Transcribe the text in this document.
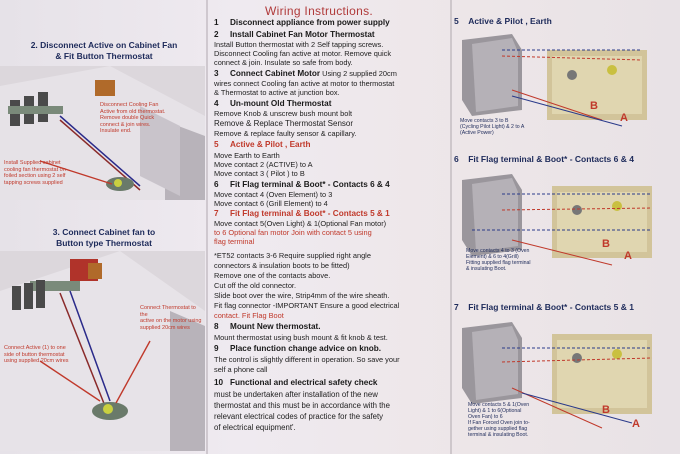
2. Disconnect Active on Cabinet Fan
& Fit Button Thermostat
Disconnect Cooling Fan
Active from old thermostat.
Remove double Quick
connect & join wires.
Insulate end.
Install Supplied cabinet
cooling fan thermostat on
foiled section using 2 self
tapping screws supplied
3. Connect Cabinet fan to
Button type Thermostat
Connect Thermostat to the
active on the motor using
supplied 20cm wires
Connect Active (1) to one
side of button thermostat
using supplied 20cm wires
Wiring Instructions.
1 Disconnect appliance from power supply
2 Install Cabinet Fan Motor Thermostat
Install Button thermostat with 2 Self tapping screws.
Disconnect Cooling fan active at motor. Remove quick
connect & join. Insulate so safe from body.
3 Connect Cabinet Motor Using 2 supplied 20cm
wires connect Cooling fan active at motor to thermostat
& Thermostat to active at junction box.
4 Un-mount Old Thermostat
Remove Knob & unscrew bush mount bolt
Remove & Replace Thermostat Sensor
Remove & replace faulty sensor & capillary.
5 Active & Pilot , Earth
Move Earth to Earth
Move contact 2 (ACTIVE) to A
Move contact 3 ( Pilot ) to B
6 Fit Flag terminal & Boot* - Contacts 6 & 4
Move contact 4 (Oven Element) to 3
Move contact 6 (Grill Element) to 4
7 Fit Flag terminal & Boot* - Contacts 5 & 1
Move contact 5(Oven Light) & 1(Optional Fan motor)
to 6 Optional fan motor Join with contact 5 using
flag terminal
*ET52 contacts 3-6 Require supplied right angle
connectors & insulation boots to be fitted)
Remove one of the contacts above.
Cut off the old connector.
Slide boot over the wire, Strip4mm of the wire sheath.
Fit flag connector -IMPORTANT Ensure a good electrical
contact. Fit Flag Boot
8 Mount New thermostat.
Mount thermostat using bush mount & fit knob & test.
9 Place function change advice on knob.
The control is slightly different in operation. So save your
self a phone call
10 Functional and electrical safety check
must be undertaken after installation of the new
thermostat and this must be in accordance with the
relevant electrical codes of practice for the safety
of electrical equipment'.
5 Active & Pilot , Earth
Move contacts 3 to B
(Cycling Pilot Light) & 2 to A
(Active Power)
B
A
6 Fit Flag terminal & Boot* - Contacts 6 & 4
Move contacts 4 to 3 (Oven
Element) & 6 to 4(Grill)
Fitting supplied flag terminal
& insulating Boot.
B
A
7 Fit Flag terminal & Boot* - Contacts 5 & 1
Move contacts 5 & 1(Oven
Light) & 1 to 6(Optional
Oven Fan) to 6
If Fan Forced Oven join to-
gether using supplied flag
terminal & insulating Boot.
B
A
